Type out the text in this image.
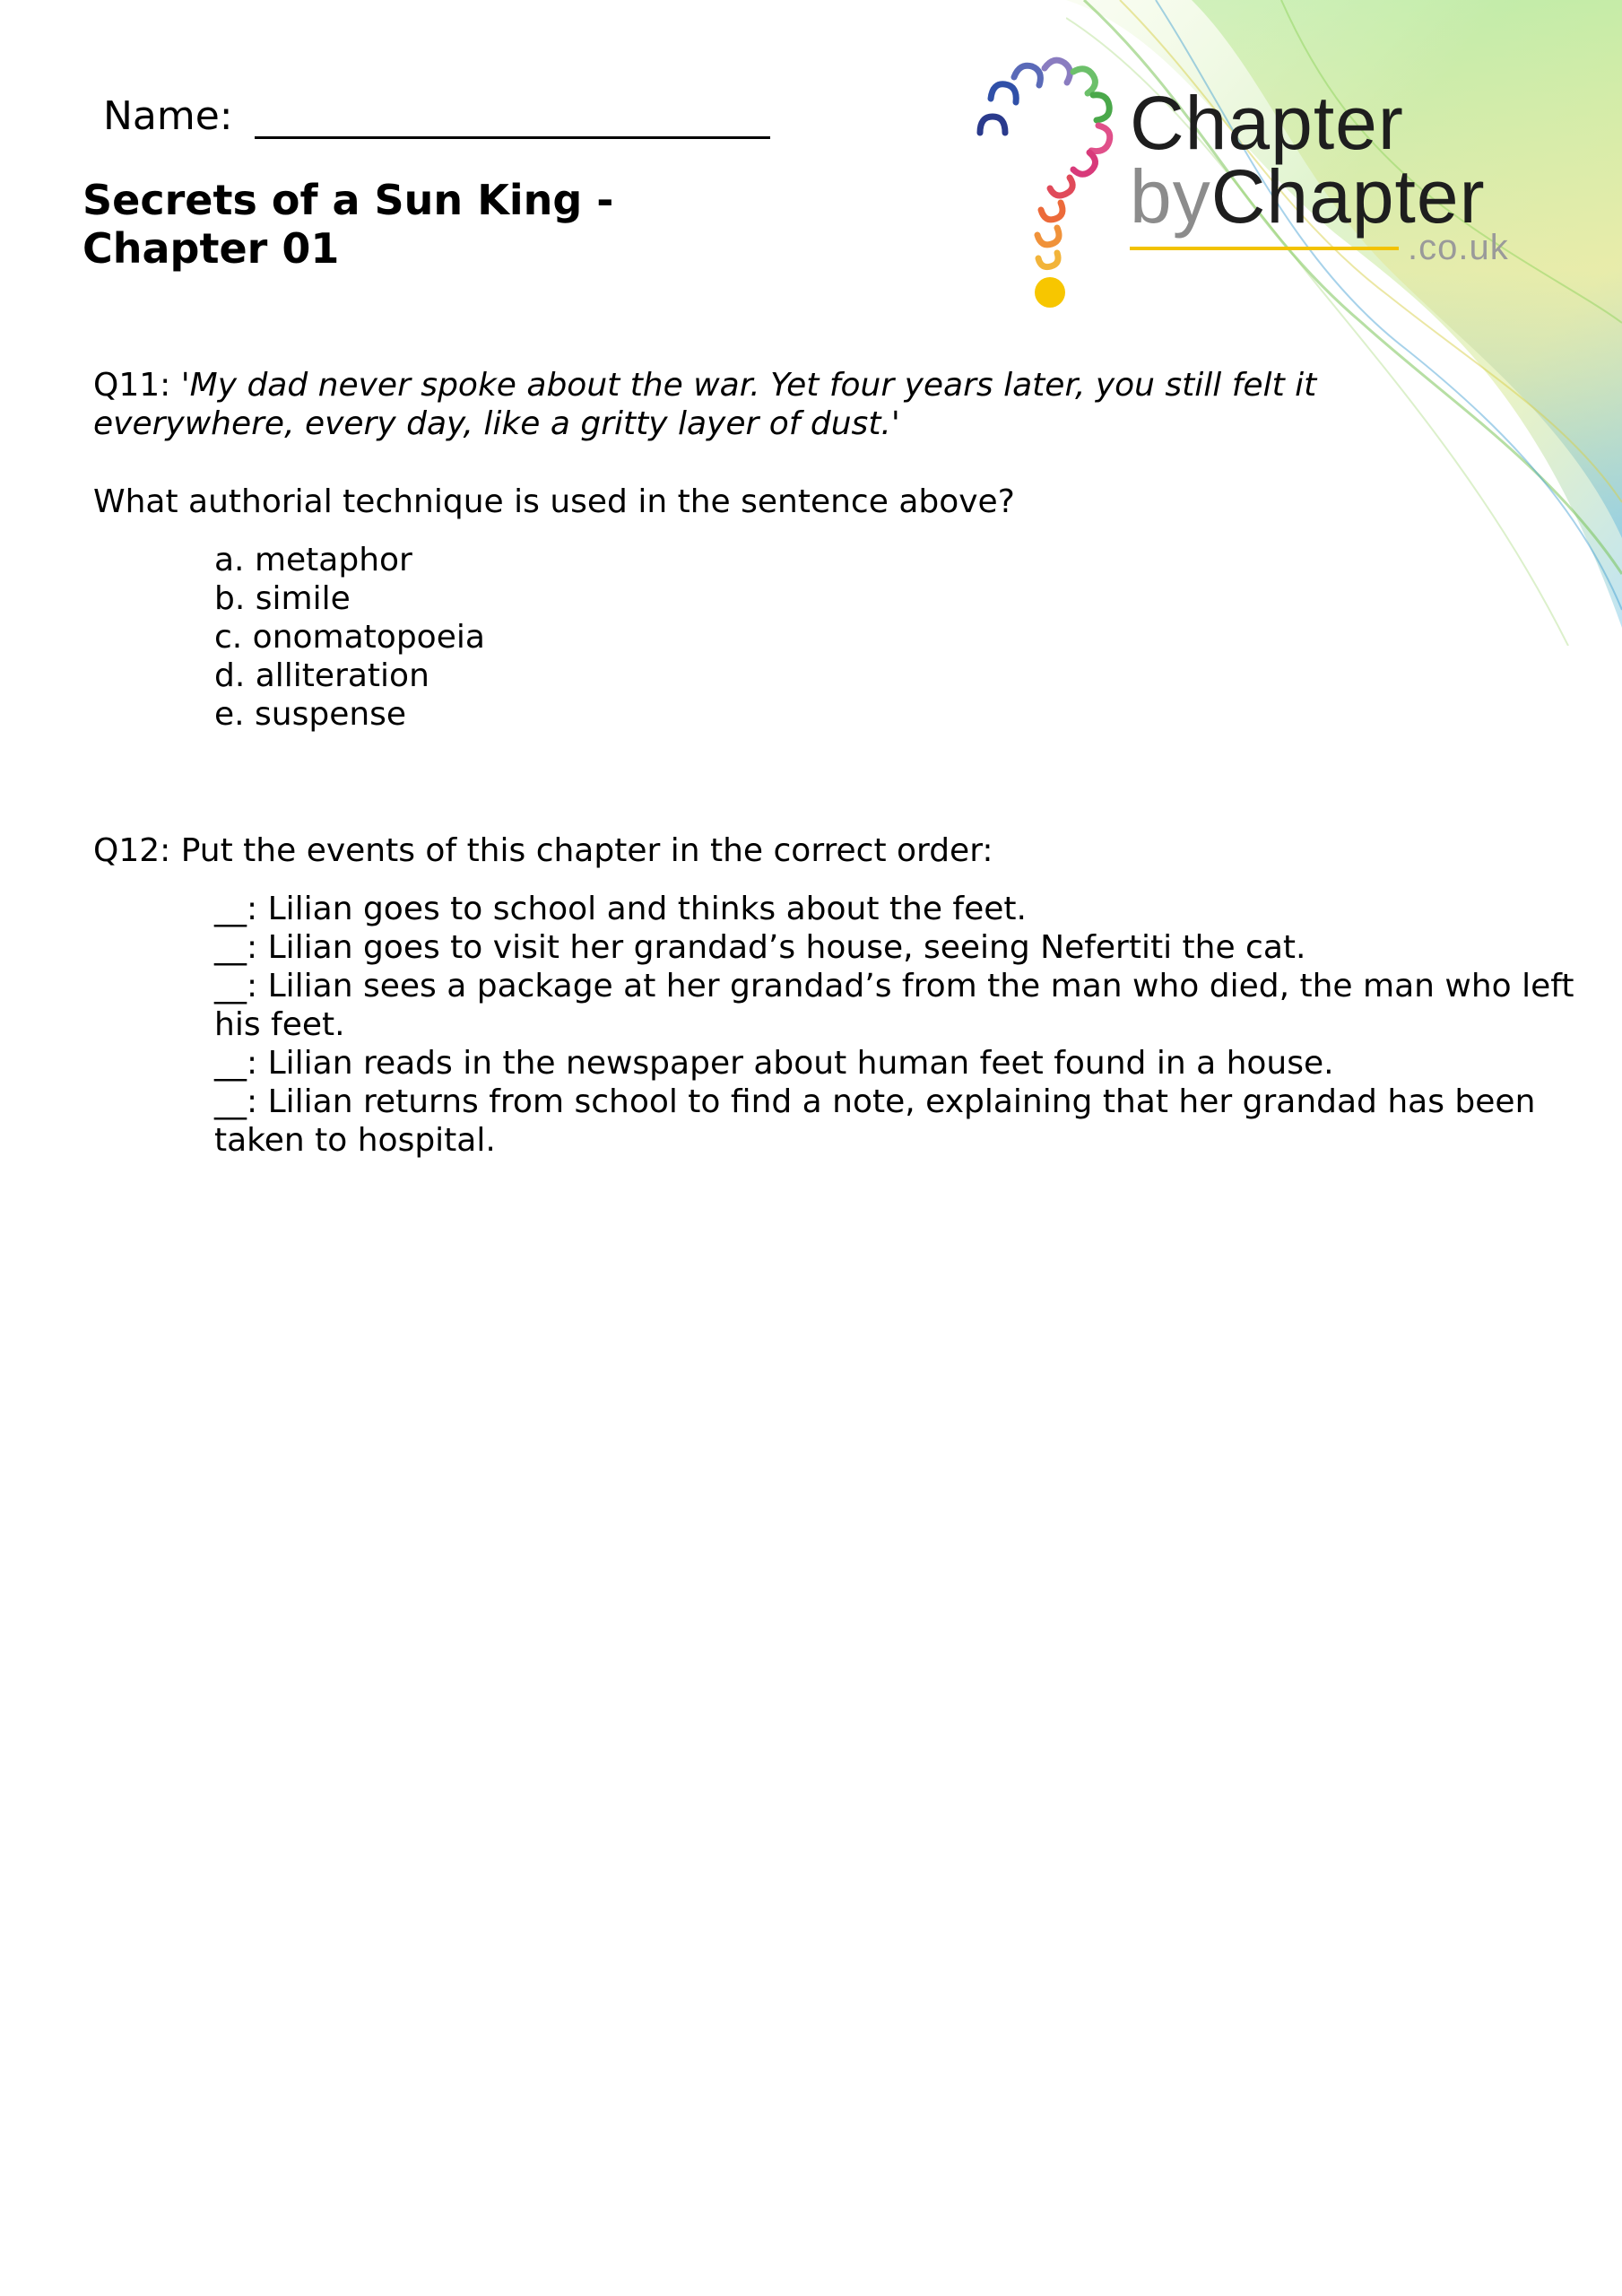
Name:
Secrets of a Sun King - Chapter 01
Chapter
byChapter
.co.uk
Q11: 'My dad never spoke about the war. Yet four years later, you still felt it everywhere, every day, like a gritty layer of dust.'
What authorial technique is used in the sentence above?
a. metaphor
b. simile
c. onomatopoeia
d. alliteration
e. suspense
Q12: Put the events of this chapter in the correct order:
__: Lilian goes to school and thinks about the feet.
__: Lilian goes to visit her grandad’s house, seeing Nefertiti the cat.
__: Lilian sees a package at her grandad’s from the man who died, the man who left his feet.
__: Lilian reads in the newspaper about human feet found in a house.
__: Lilian returns from school to find a note, explaining that her grandad has been taken to hospital.
